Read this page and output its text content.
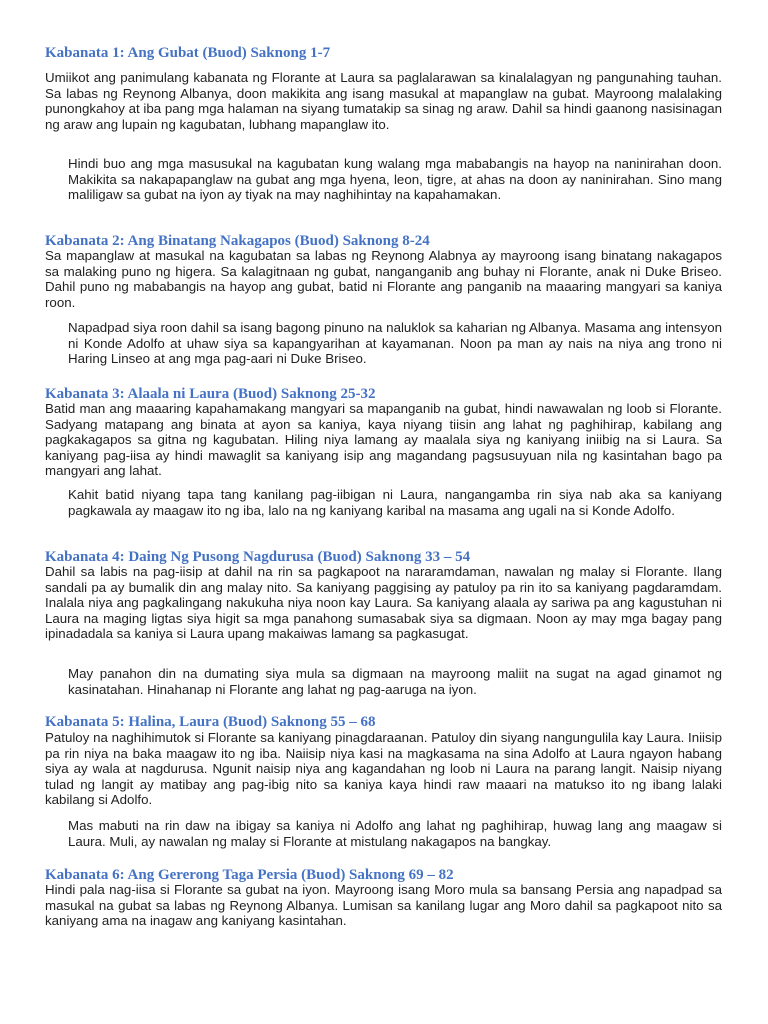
Kabanata 1: Ang Gubat (Buod) Saknong 1-7

Umiikot ang panimulang kabanata ng Florante at Laura sa paglalarawan sa kinalalagyan ng pangunahing tauhan. Sa labas ng Reynong Albanya, doon makikita ang isang masukal at mapanglaw na gubat. Mayroong malalaking punongkahoy at iba pang mga halaman na siyang tumatakip sa sinag ng araw. Dahil sa hindi gaanong nasisinagan ng araw ang lupain ng kagubatan, lubhang mapanglaw ito.

Hindi buo ang mga masusukal na kagubatan kung walang mga mababangis na hayop na naninirahan doon. Makikita sa nakapapanglaw na gubat ang mga hyena, leon, tigre, at ahas na doon ay naninirahan. Sino mang maliligaw sa gubat na iyon ay tiyak na may naghihintay na kapahamakan.

Kabanata 2: Ang Binatang Nakagapos (Buod) Saknong 8-24

Sa mapanglaw at masukal na kagubatan sa labas ng Reynong Alabnya ay mayroong isang binatang nakagapos sa malaking puno ng higera. Sa kalagitnaan ng gubat, nanganganib ang buhay ni Florante, anak ni Duke Briseo. Dahil puno ng mababangis na hayop ang gubat, batid ni Florante ang panganib na maaaring mangyari sa kaniya roon.

Napadpad siya roon dahil sa isang bagong pinuno na naluklok sa kaharian ng Albanya. Masama ang intensyon ni Konde Adolfo at uhaw siya sa kapangyarihan at kayamanan. Noon pa man ay nais na niya ang trono ni Haring Linseo at ang mga pag-aari ni Duke Briseo.

Kabanata 3: Alaala ni Laura (Buod) Saknong 25-32

Batid man ang maaaring kapahamakang mangyari sa mapanganib na gubat, hindi nawawalan ng loob si Florante. Sadyang matapang ang binata at ayon sa kaniya, kaya niyang tiisin ang lahat ng paghihirap, kabilang ang pagkakagapos sa gitna ng kagubatan. Hiling niya lamang ay maalala siya ng kaniyang iniibig na si Laura. Sa kaniyang pag-iisa ay hindi mawaglit sa kaniyang isip ang magandang pagsusuyuan nila ng kasintahan bago pa mangyari ang lahat.

Kahit batid niyang tapa tang kanilang pag-iibigan ni Laura, nangangamba rin siya nab aka sa kaniyang pagkawala ay maagaw ito ng iba, lalo na ng kaniyang karibal na masama ang ugali na si Konde Adolfo.

Kabanata 4: Daing Ng Pusong Nagdurusa (Buod) Saknong 33 – 54

Dahil sa labis na pag-iisip at dahil na rin sa pagkapoot na nararamdaman, nawalan ng malay si Florante. Ilang sandali pa ay bumalik din ang malay nito. Sa kaniyang paggising ay patuloy pa rin ito sa kaniyang pagdaramdam. Inalala niya ang pagkalingang nakukuha niya noon kay Laura. Sa kaniyang alaala ay sariwa pa ang kagustuhan ni Laura na maging ligtas siya higit sa mga panahong sumasabak siya sa digmaan. Noon ay may mga bagay pang ipinadadala sa kaniya si Laura upang makaiwas lamang sa pagkasugat.

May panahon din na dumating siya mula sa digmaan na mayroong maliit na sugat na agad ginamot ng kasinatahan. Hinahanap ni Florante ang lahat ng pag-aaruga na iyon.

Kabanata 5: Halina, Laura (Buod) Saknong 55 – 68

Patuloy na naghihimutok si Florante sa kaniyang pinagdaraanan. Patuloy din siyang nangungulila kay Laura. Iniisip pa rin niya na baka maagaw ito ng iba. Naiisip niya kasi na magkasama na sina Adolfo at Laura ngayon habang siya ay wala at nagdurusa. Ngunit naisip niya ang kagandahan ng loob ni Laura na parang langit. Naisip niyang tulad ng langit ay matibay ang pag-ibig nito sa kaniya kaya hindi raw maaari na matukso ito ng ibang lalaki kabilang si Adolfo.

Mas mabuti na rin daw na ibigay sa kaniya ni Adolfo ang lahat ng paghihirap, huwag lang ang maagaw si Laura. Muli, ay nawalan ng malay si Florante at mistulang nakagapos na bangkay.

Kabanata 6: Ang Gererong Taga Persia (Buod) Saknong 69 – 82

Hindi pala nag-iisa si Florante sa gubat na iyon. Mayroong isang Moro mula sa bansang Persia ang napadpad sa masukal na gubat sa labas ng Reynong Albanya. Lumisan sa kanilang lugar ang Moro dahil sa pagkapoot nito sa kaniyang ama na inagaw ang kaniyang kasintahan.
